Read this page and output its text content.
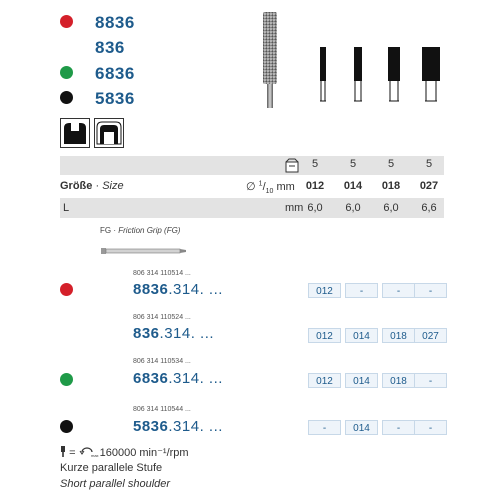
8836
836
6836
5836
5	5	5	5
Größe · Size	∅ $^1/_{10}$ mm	012	014	018	027
L	mm 6,0	6,0	6,0	6,6
FG · Friction Grip (FG)
806 314 110514 ...
8836.314. ...	012	-	-	-
806 314 110524 ...
836.314. ...	012	014	018	027
806 314 110534 ...
6836.314. ...	012	014	018	-
806 314 110544 ...
5836.314. ...	-	014	-	-
=	max 160000 min⁻¹/rpm
Kurze parallele Stufe
Short parallel shoulder
